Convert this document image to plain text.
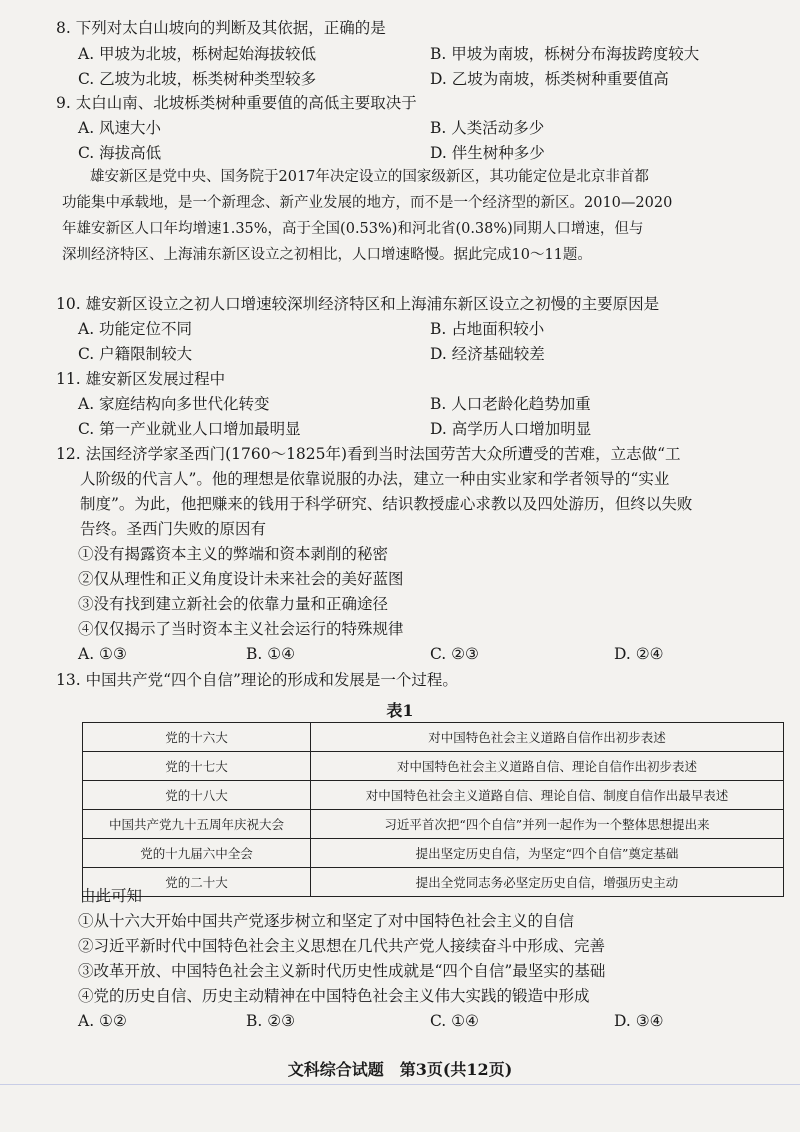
8. 下列对太白山坡向的判断及其依据，正确的是
A. 甲坡为北坡，栎树起始海拔较低	B. 甲坡为南坡，栎树分布海拔跨度较大
C. 乙坡为北坡，栎类树种类型较多	D. 乙坡为南坡，栎类树种重要值高
9. 太白山南、北坡栎类树种重要值的高低主要取决于
A. 风速大小	B. 人类活动多少
C. 海拔高低	D. 伴生树种多少
雄安新区是党中央、国务院于2017年决定设立的国家级新区，其功能定位是北京非首都
功能集中承载地，是一个新理念、新产业发展的地方，而不是一个经济型的新区。2010—2020
年雄安新区人口年均增速1.35%，高于全国(0.53%)和河北省(0.38%)同期人口增速，但与
深圳经济特区、上海浦东新区设立之初相比，人口增速略慢。据此完成10～11题。
10. 雄安新区设立之初人口增速较深圳经济特区和上海浦东新区设立之初慢的主要原因是
A. 功能定位不同	B. 占地面积较小
C. 户籍限制较大	D. 经济基础较差
11. 雄安新区发展过程中
A. 家庭结构向多世代化转变	B. 人口老龄化趋势加重
C. 第一产业就业人口增加最明显	D. 高学历人口增加明显
12. 法国经济学家圣西门(1760～1825年)看到当时法国劳苦大众所遭受的苦难，立志做“工
人阶级的代言人”。他的理想是依靠说服的办法，建立一种由实业家和学者领导的“实业
制度”。为此，他把赚来的钱用于科学研究、结识教授虚心求教以及四处游历，但终以失败
告终。圣西门失败的原因有
①没有揭露资本主义的弊端和资本剥削的秘密
②仅从理性和正义角度设计未来社会的美好蓝图
③没有找到建立新社会的依靠力量和正确途径
④仅仅揭示了当时资本主义社会运行的特殊规律
A. ①③	B. ①④	C. ②③	D. ②④
13. 中国共产党“四个自信”理论的形成和发展是一个过程。
表1
党的十六大	对中国特色社会主义道路自信作出初步表述
党的十七大	对中国特色社会主义道路自信、理论自信作出初步表述
党的十八大	对中国特色社会主义道路自信、理论自信、制度自信作出最早表述
中国共产党九十五周年庆祝大会	习近平首次把“四个自信”并列一起作为一个整体思想提出来
党的十九届六中全会	提出坚定历史自信，为坚定“四个自信”奠定基础
党的二十大	提出全党同志务必坚定历史自信，增强历史主动
由此可知
①从十六大开始中国共产党逐步树立和坚定了对中国特色社会主义的自信
②习近平新时代中国特色社会主义思想在几代共产党人接续奋斗中形成、完善
③改革开放、中国特色社会主义新时代历史性成就是“四个自信”最坚实的基础
④党的历史自信、历史主动精神在中国特色社会主义伟大实践的锻造中形成
A. ①②	B. ②③	C. ①④	D. ③④
文科综合试题　第3页(共12页)
